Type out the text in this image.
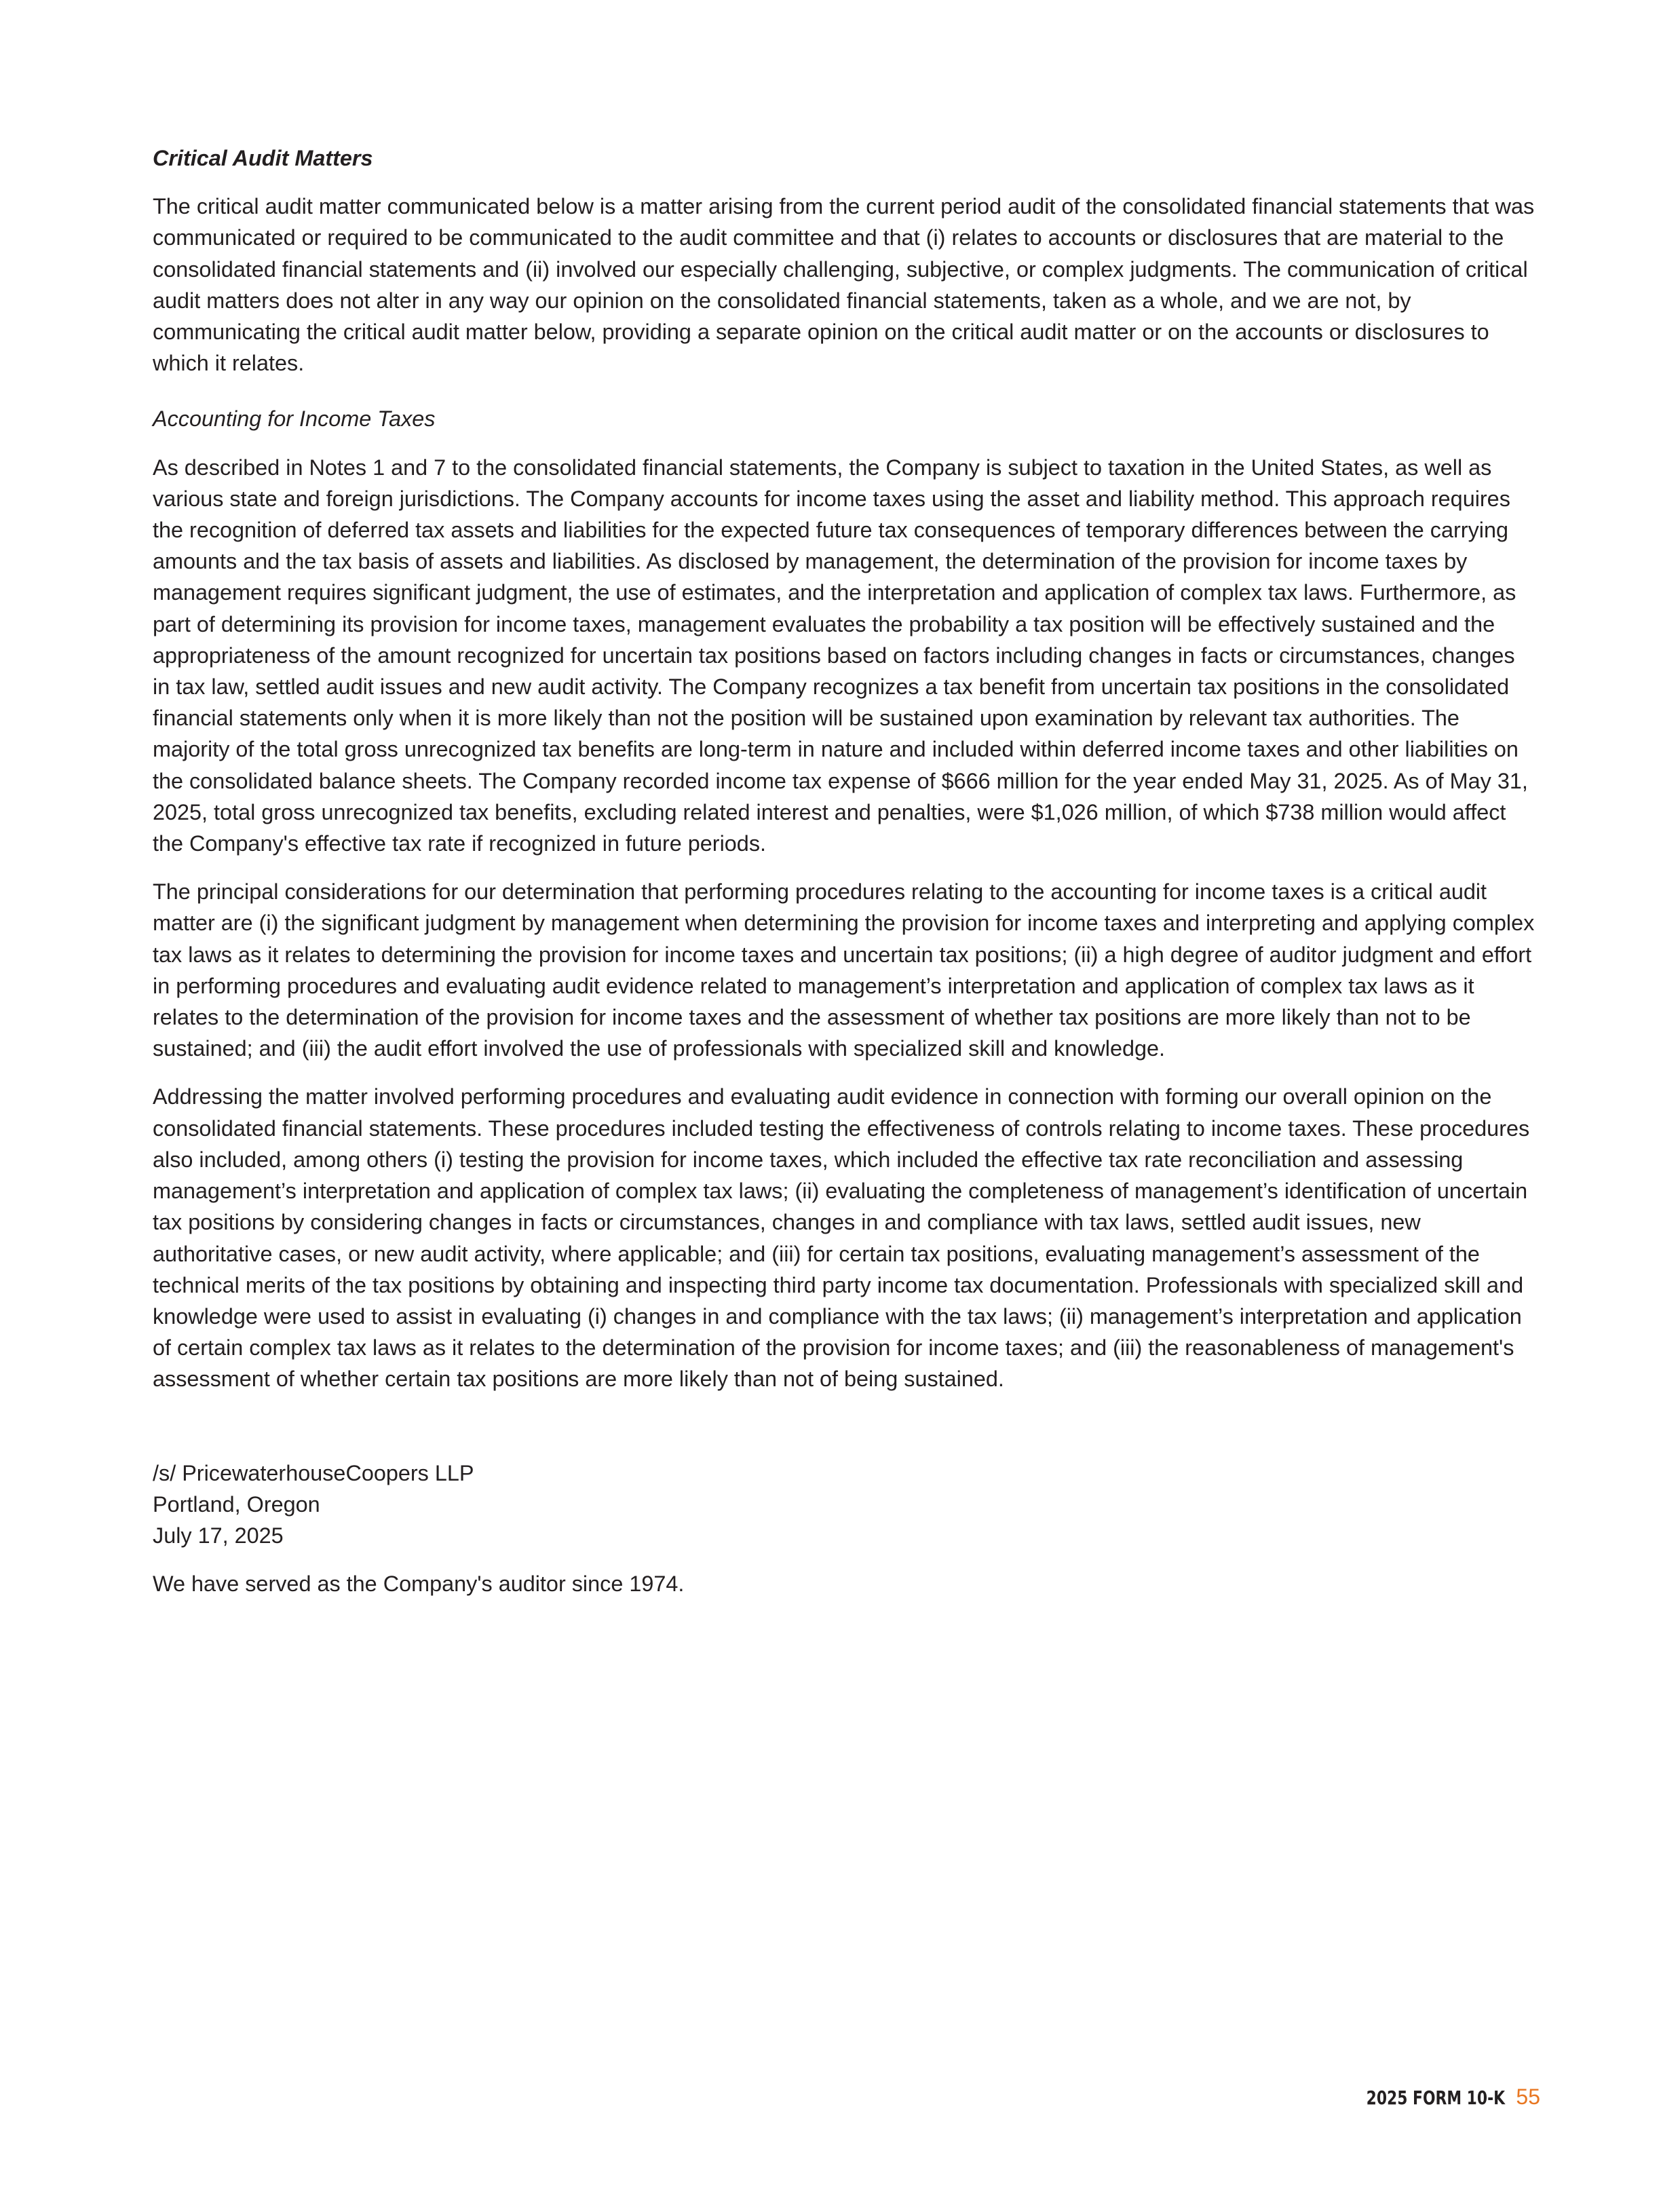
Critical Audit Matters

The critical audit matter communicated below is a matter arising from the current period audit of the consolidated financial statements that was communicated or required to be communicated to the audit committee and that (i) relates to accounts or disclosures that are material to the consolidated financial statements and (ii) involved our especially challenging, subjective, or complex judgments. The communication of critical audit matters does not alter in any way our opinion on the consolidated financial statements, taken as a whole, and we are not, by communicating the critical audit matter below, providing a separate opinion on the critical audit matter or on the accounts or disclosures to which it relates.

Accounting for Income Taxes

As described in Notes 1 and 7 to the consolidated financial statements, the Company is subject to taxation in the United States, as well as various state and foreign jurisdictions. The Company accounts for income taxes using the asset and liability method. This approach requires the recognition of deferred tax assets and liabilities for the expected future tax consequences of temporary differences between the carrying amounts and the tax basis of assets and liabilities. As disclosed by management, the determination of the provision for income taxes by management requires significant judgment, the use of estimates, and the interpretation and application of complex tax laws. Furthermore, as part of determining its provision for income taxes, management evaluates the probability a tax position will be effectively sustained and the appropriateness of the amount recognized for uncertain tax positions based on factors including changes in facts or circumstances, changes in tax law, settled audit issues and new audit activity. The Company recognizes a tax benefit from uncertain tax positions in the consolidated financial statements only when it is more likely than not the position will be sustained upon examination by relevant tax authorities. The majority of the total gross unrecognized tax benefits are long-term in nature and included within deferred income taxes and other liabilities on the consolidated balance sheets. The Company recorded income tax expense of $666 million for the year ended May 31, 2025. As of May 31, 2025, total gross unrecognized tax benefits, excluding related interest and penalties, were $1,026 million, of which $738 million would affect the Company's effective tax rate if recognized in future periods.

The principal considerations for our determination that performing procedures relating to the accounting for income taxes is a critical audit matter are (i) the significant judgment by management when determining the provision for income taxes and interpreting and applying complex tax laws as it relates to determining the provision for income taxes and uncertain tax positions; (ii) a high degree of auditor judgment and effort in performing procedures and evaluating audit evidence related to management’s interpretation and application of complex tax laws as it relates to the determination of the provision for income taxes and the assessment of whether tax positions are more likely than not to be sustained; and (iii) the audit effort involved the use of professionals with specialized skill and knowledge.

Addressing the matter involved performing procedures and evaluating audit evidence in connection with forming our overall opinion on the consolidated financial statements. These procedures included testing the effectiveness of controls relating to income taxes. These procedures also included, among others (i) testing the provision for income taxes, which included the effective tax rate reconciliation and assessing management’s interpretation and application of complex tax laws; (ii) evaluating the completeness of management’s identification of uncertain tax positions by considering changes in facts or circumstances, changes in and compliance with tax laws, settled audit issues, new authoritative cases, or new audit activity, where applicable; and (iii) for certain tax positions, evaluating management’s assessment of the technical merits of the tax positions by obtaining and inspecting third party income tax documentation. Professionals with specialized skill and knowledge were used to assist in evaluating (i) changes in and compliance with the tax laws; (ii) management’s interpretation and application of certain complex tax laws as it relates to the determination of the provision for income taxes; and (iii) the reasonableness of management's assessment of whether certain tax positions are more likely than not of being sustained.

/s/ PricewaterhouseCoopers LLP

Portland, Oregon

July 17, 2025

We have served as the Company's auditor since 1974.

2025 FORM 10-K 55
